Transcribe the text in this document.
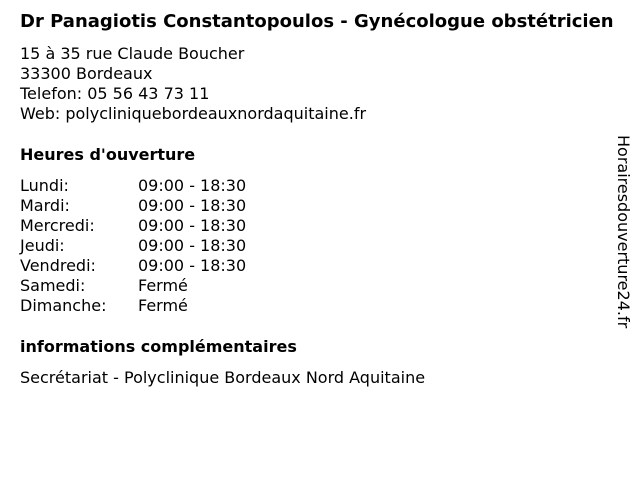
Dr Panagiotis Constantopoulos - Gynécologue obstétricien
15 à 35 rue Claude Boucher
33300 Bordeaux
Telefon: 05 56 43 73 11
Web: polycliniquebordeauxnordaquitaine.fr
Heures d'ouverture
Lundi:	09:00 - 18:30
Mardi:	09:00 - 18:30
Mercredi:	09:00 - 18:30
Jeudi:	09:00 - 18:30
Vendredi:	09:00 - 18:30
Samedi:	Fermé
Dimanche:	Fermé
informations complémentaires
Secrétariat - Polyclinique Bordeaux Nord Aquitaine
Horairesdouverture24.fr
